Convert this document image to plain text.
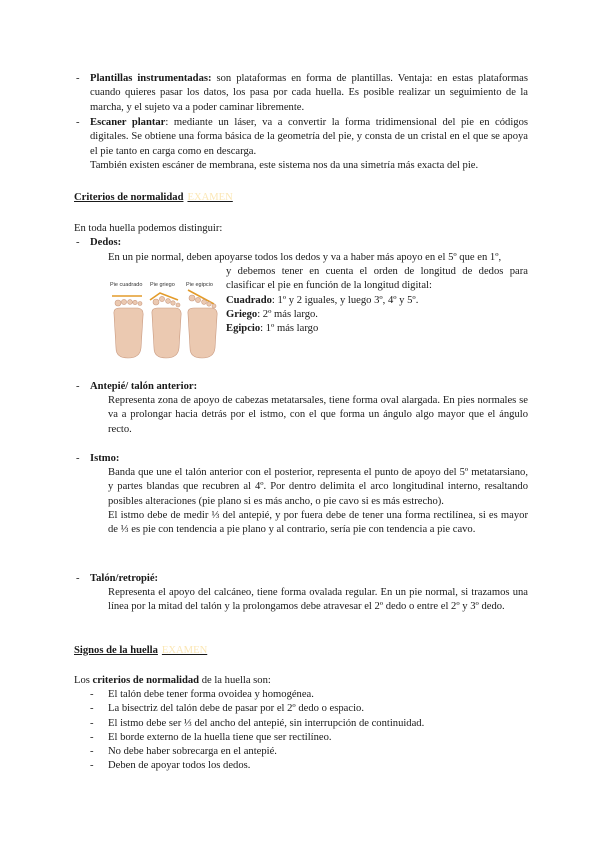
- Plantillas instrumentadas: son plataformas en forma de plantillas. Ventaja: en estas plataformas cuando quieres pasar los datos, los pasa por cada huella. Es posible realizar un seguimiento de la marcha, y el sujeto va a poder caminar libremente.

- Escaner plantar: mediante un láser, va a convertir la forma tridimensional del pie en códigos digitales. Se obtiene una forma básica de la geometría del pie, y consta de un cristal en el que se apoya el pie tanto en carga como en descarga.

También existen escáner de membrana, este sistema nos da una simetría más exacta del pie.

Criterios de normalidad EXAMEN
En toda huella podemos distinguir:
- Dedos:
En un pie normal, deben apoyarse todos los dedos y va a haber más apoyo en el 5º que en 1º,
Pie cuadrado Pie griego Pie egipcio

y debemos tener en cuenta el orden de longitud de dedos para clasificar el pie en función de la longitud digital:

Cuadrado: 1º y 2 iguales, y luego 3º, 4º y 5º.

Griego: 2º más largo.

Egipcio: 1º más largo

- Antepié/ talón anterior:
Representa zona de apoyo de cabezas metatarsales, tiene forma oval alargada. En pies normales se va a prolongar hacia detrás por el istmo, con el que forma un ángulo algo mayor que el ángulo recto.
- Istmo:

Banda que une el talón anterior con el posterior, representa el punto de apoyo del 5º metatarsiano, y partes blandas que recubren al 4º. Por dentro delimita el arco longitudinal interno, resaltando posibles alteraciones (pie plano si es más ancho, o pie cavo si es más estrecho).

El istmo debe de medir ⅓ del antepié, y por fuera debe de tener una forma rectilínea, si es mayor de ⅓ es pie con tendencia a pie plano y al contrario, sería pie con tendencia a pie cavo.

- Talón/retropié:
Representa el apoyo del calcáneo, tiene forma ovalada regular. En un pie normal, si trazamos una línea por la mitad del talón y la prolongamos debe atravesar el 2º dedo o entre el 2º y 3º dedo.
Signos de la huella EXAMEN
Los criterios de normalidad de la huella son:
- El talón debe tener forma ovoidea y homogénea.
- La bisectriz del talón debe de pasar por el 2º dedo o espacio.
- El istmo debe ser ⅓ del ancho del antepié, sin interrupción de continuidad.
- El borde externo de la huella tiene que ser rectilíneo.
- No debe haber sobrecarga en el antepié.
- Deben de apoyar todos los dedos.
